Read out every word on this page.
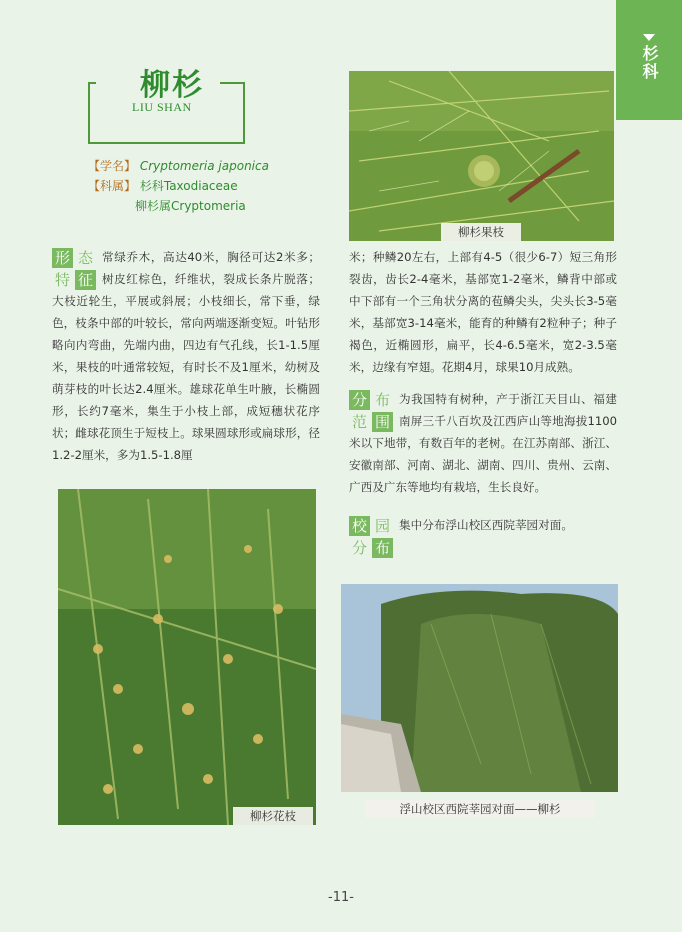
杉科
柳杉
LIU SHAN
【学名】 Cryptomeria japonica
【科属】 杉科Taxodiaceae
柳杉属Cryptomeria
形 态
特 征
常绿乔木，高达40米，胸径可达2米多；树皮红棕色，纤维状，裂成长条片脱落；大枝近轮生，平展或斜展；小枝细长，常下垂，绿色，枝条中部的叶较长，常向两端逐渐变短。叶钻形略向内弯曲，先端内曲，四边有气孔线，长1-1.5厘米，果枝的叶通常较短，有时长不及1厘米，幼树及萌芽枝的叶长达2.4厘米。雄球花单生叶腋，长椭圆形，长约7毫米，集生于小枝上部，成短穗状花序状；雌球花顶生于短枝上。球果圆球形或扁球形，径1.2-2厘米，多为1.5-1.8厘
米；种鳞20左右，上部有4-5（很少6-7）短三角形裂齿，齿长2-4毫米，基部宽1-2毫米，鳞背中部或中下部有一个三角状分离的苞鳞尖头，尖头长3-5毫米，基部宽3-14毫米，能育的种鳞有2粒种子；种子褐色，近椭圆形，扁平，长4-6.5毫米，宽2-3.5毫米，边缘有窄翅。花期4月，球果10月成熟。
分 布
范 围
为我国特有树种，产于浙江天目山、福建南屏三千八百坎及江西庐山等地海拔1100米以下地带，有数百年的老树。在江苏南部、浙江、安徽南部、河南、湖北、湖南、四川、贵州、云南、广西及广东等地均有栽培，生长良好。
校 园
分 布
集中分布浮山校区西院莘园对面。
柳杉果枝
柳杉花枝	浮山校区西院莘园对面——柳杉
-11-
